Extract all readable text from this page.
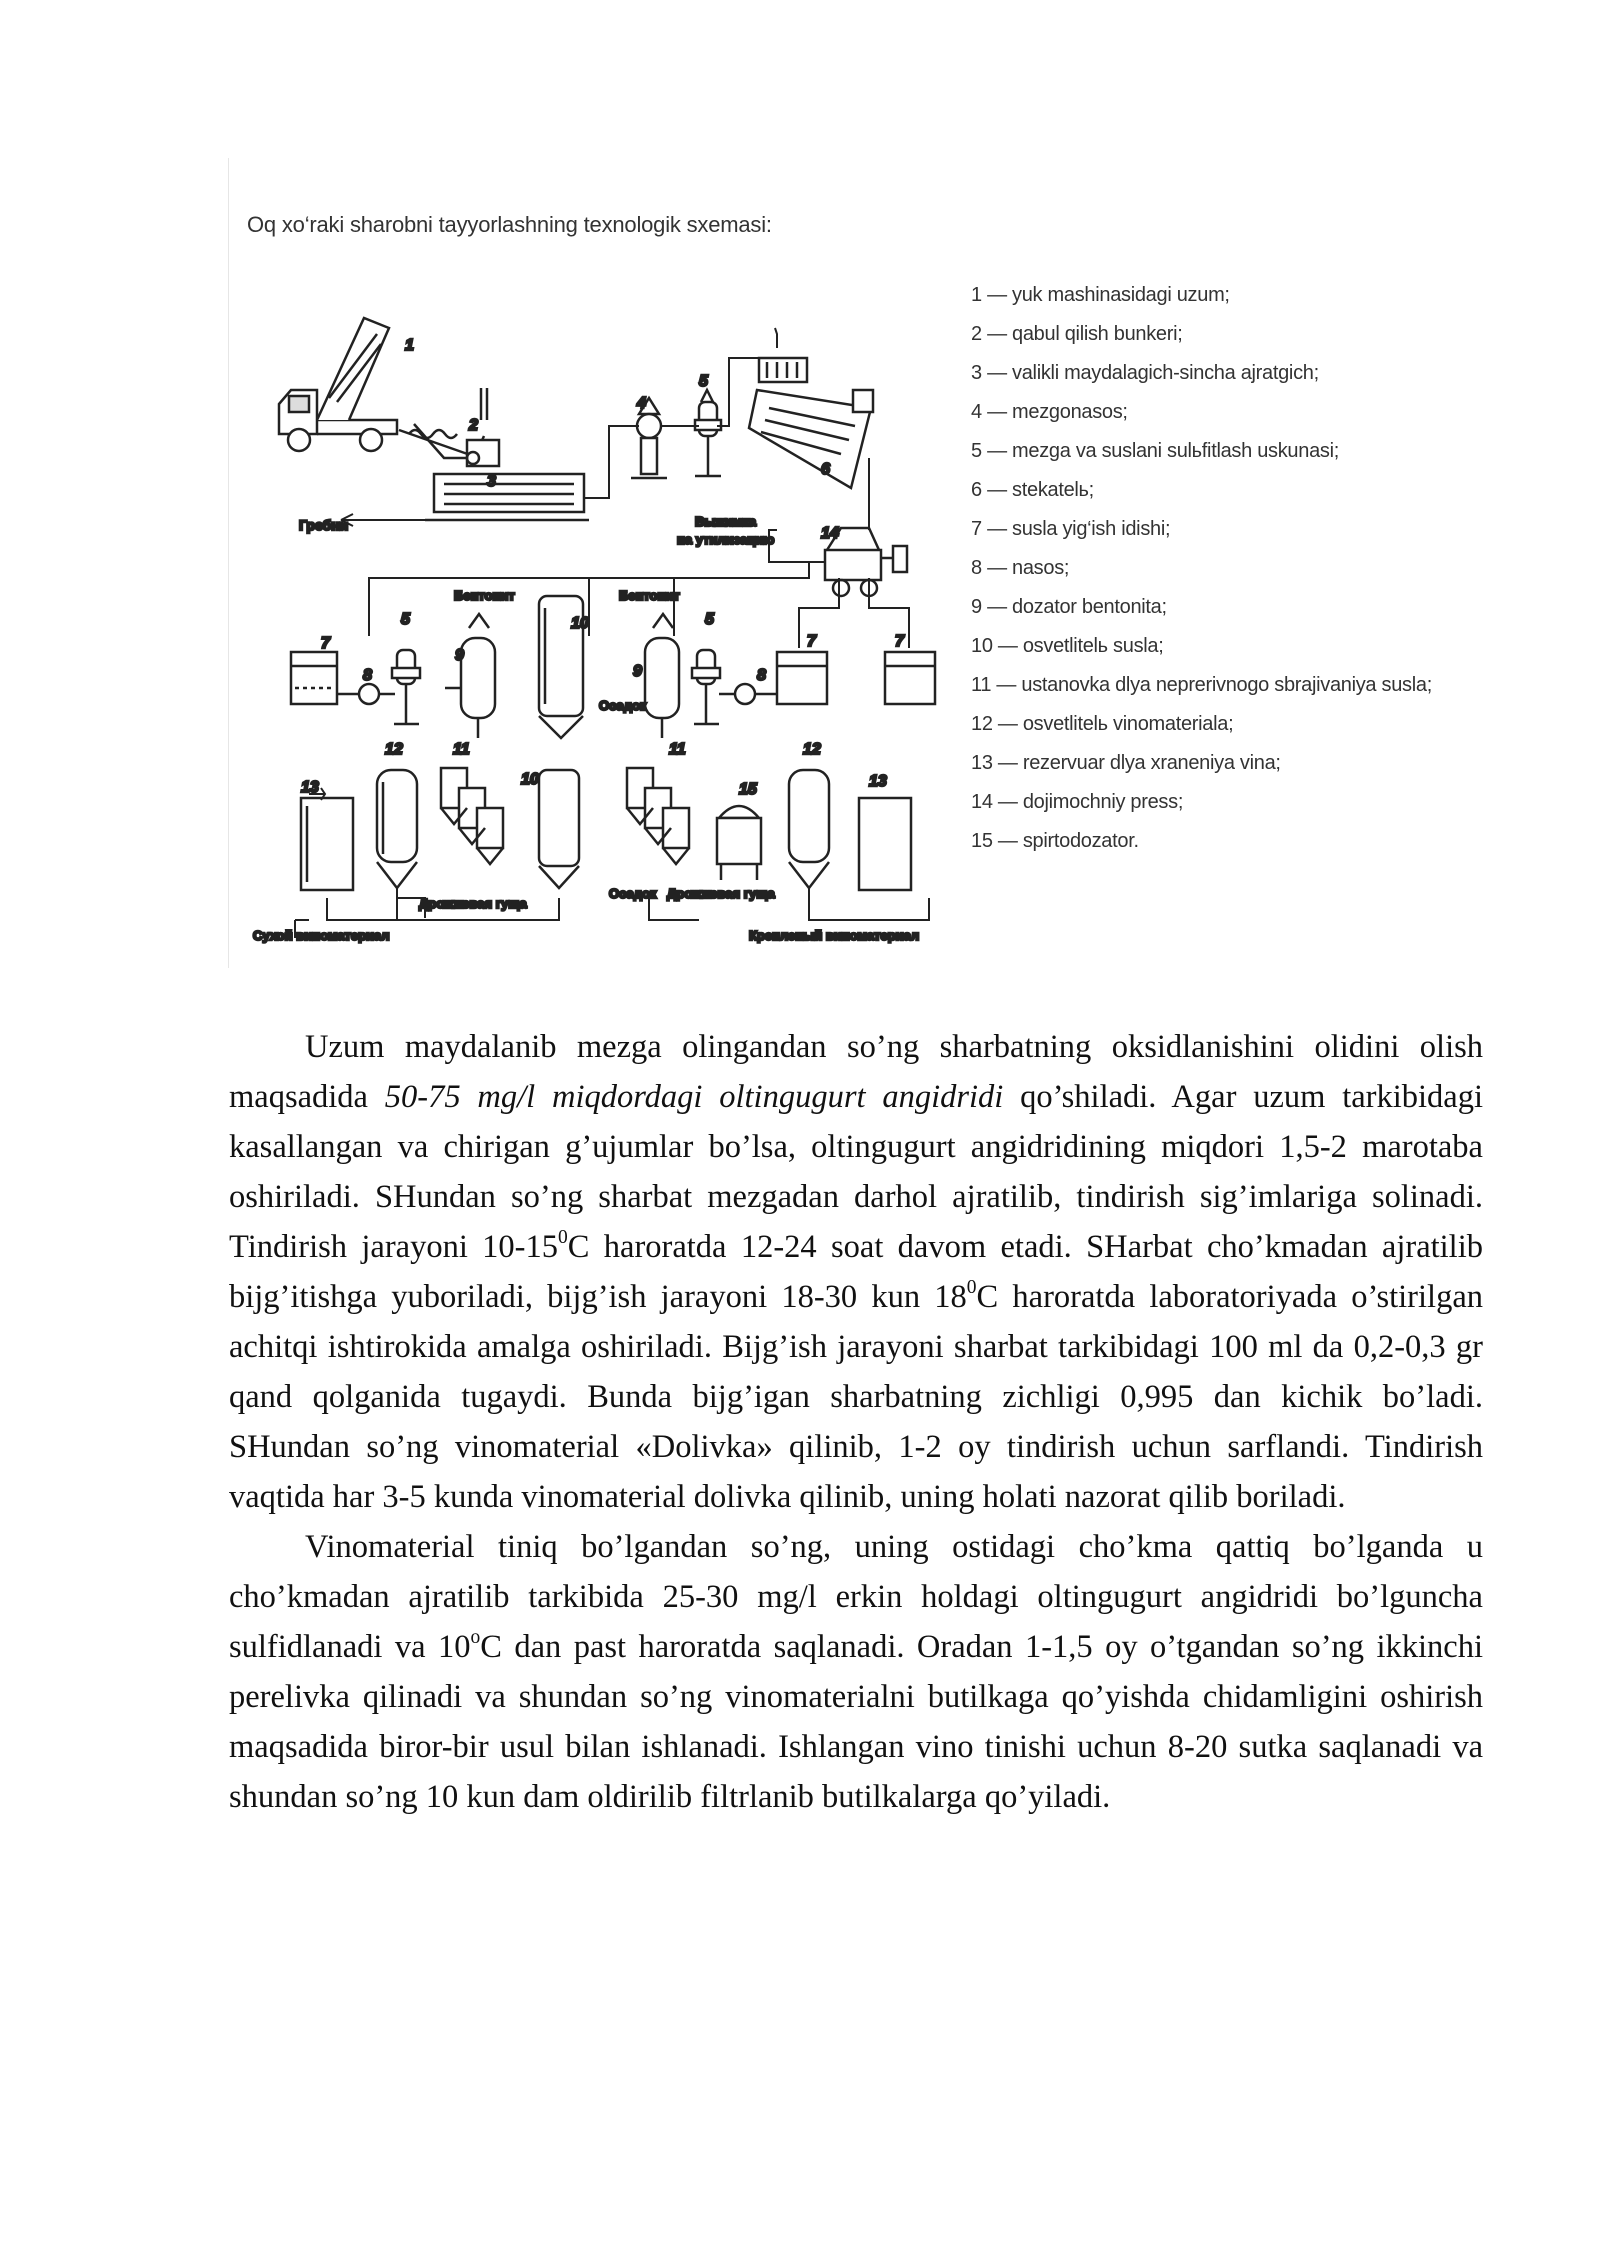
Oq xo‘raki sharobni tayyorlashning texnologik sxemasi:
Гребни	Выжимка
на утилизацию
Бентонит	Бентонит
Осадок
Дрожжевая гуща
Осадок Дрожжевая гуща
Сухой виноматериал	Крепленый виноматериал
1
2
3
4
5
6
14
7
8
5
9
10
9
5
8
7	7
13
12	11
10
11
15
12
13
1 — yuk mashinasidagi uzum;
2 — qabul qilish bunkeri;
3 — valikli maydalagich-sincha ajratgich;
4 — mezgonasos;
5 — mezga va suslani sulьfitlash uskunasi;
6 — stekatelь;
7 — susla yig‘ish idishi;
8 — nasos;
9 — dozator bentonita;
10 — osvetlitelь susla;
11 — ustanovka dlya neprerivnogo sbrajivaniya susla;
12 — osvetlitelь vinomateriala;
13 — rezervuar dlya xraneniya vina;
14 — dojimochniy press;
15 — spirtodozator.

Uzum maydalanib mezga olingandan so’ng sharbatning oksidlanishini olidini olish maqsadida 50-75 mg/l miqdordagi oltingugurt angidridi qo’shiladi. Agar uzum tarkibidagi kasallangan va chirigan g’ujumlar bo’lsa, oltingugurt angidridining miqdori 1,5-2 marotaba oshiriladi. SHundan so’ng sharbat mezgadan darhol ajratilib, tindirish sig’imlariga solinadi. Tindirish jarayoni $10-15^0C$ haroratda 12-24 soat davom etadi. SHarbat cho’kmadan ajratilib bijg’itishga yuboriladi, bijg’ish jarayoni 18-30 kun $18^0C$ haroratda laboratoriyada o’stirilgan achitqi ishtirokida amalga oshiriladi. Bijg’ish jarayoni sharbat tarkibidagi 100 ml da 0,2-0,3 gr qand qolganida tugaydi. Bunda bijg’igan sharbatning zichligi 0,995 dan kichik bo’ladi. SHundan so’ng vinomaterial «Dolivka» qilinib, 1-2 oy tindirish uchun sarflandi. Tindirish vaqtida har 3-5 kunda vinomaterial dolivka qilinib, uning holati nazorat qilib boriladi.

Vinomaterial tiniq bo’lgandan so’ng, uning ostidagi cho’kma qattiq bo’lganda u cho’kmadan ajratilib tarkibida 25-30 mg/l erkin holdagi oltingugurt angidridi bo’lguncha sulfidlanadi va 10$^o$C dan past haroratda saqlanadi. Oradan 1-1,5 oy o’tgandan so’ng ikkinchi perelivka qilinadi va shundan so’ng vinomaterialni butilkaga qo’yishda chidamligini oshirish maqsadida biror-bir usul bilan ishlanadi. Ishlangan vino tinishi uchun 8-20 sutka saqlanadi va shundan so’ng 10 kun dam oldirilib filtrlanib butilkalarga qo’yiladi.
